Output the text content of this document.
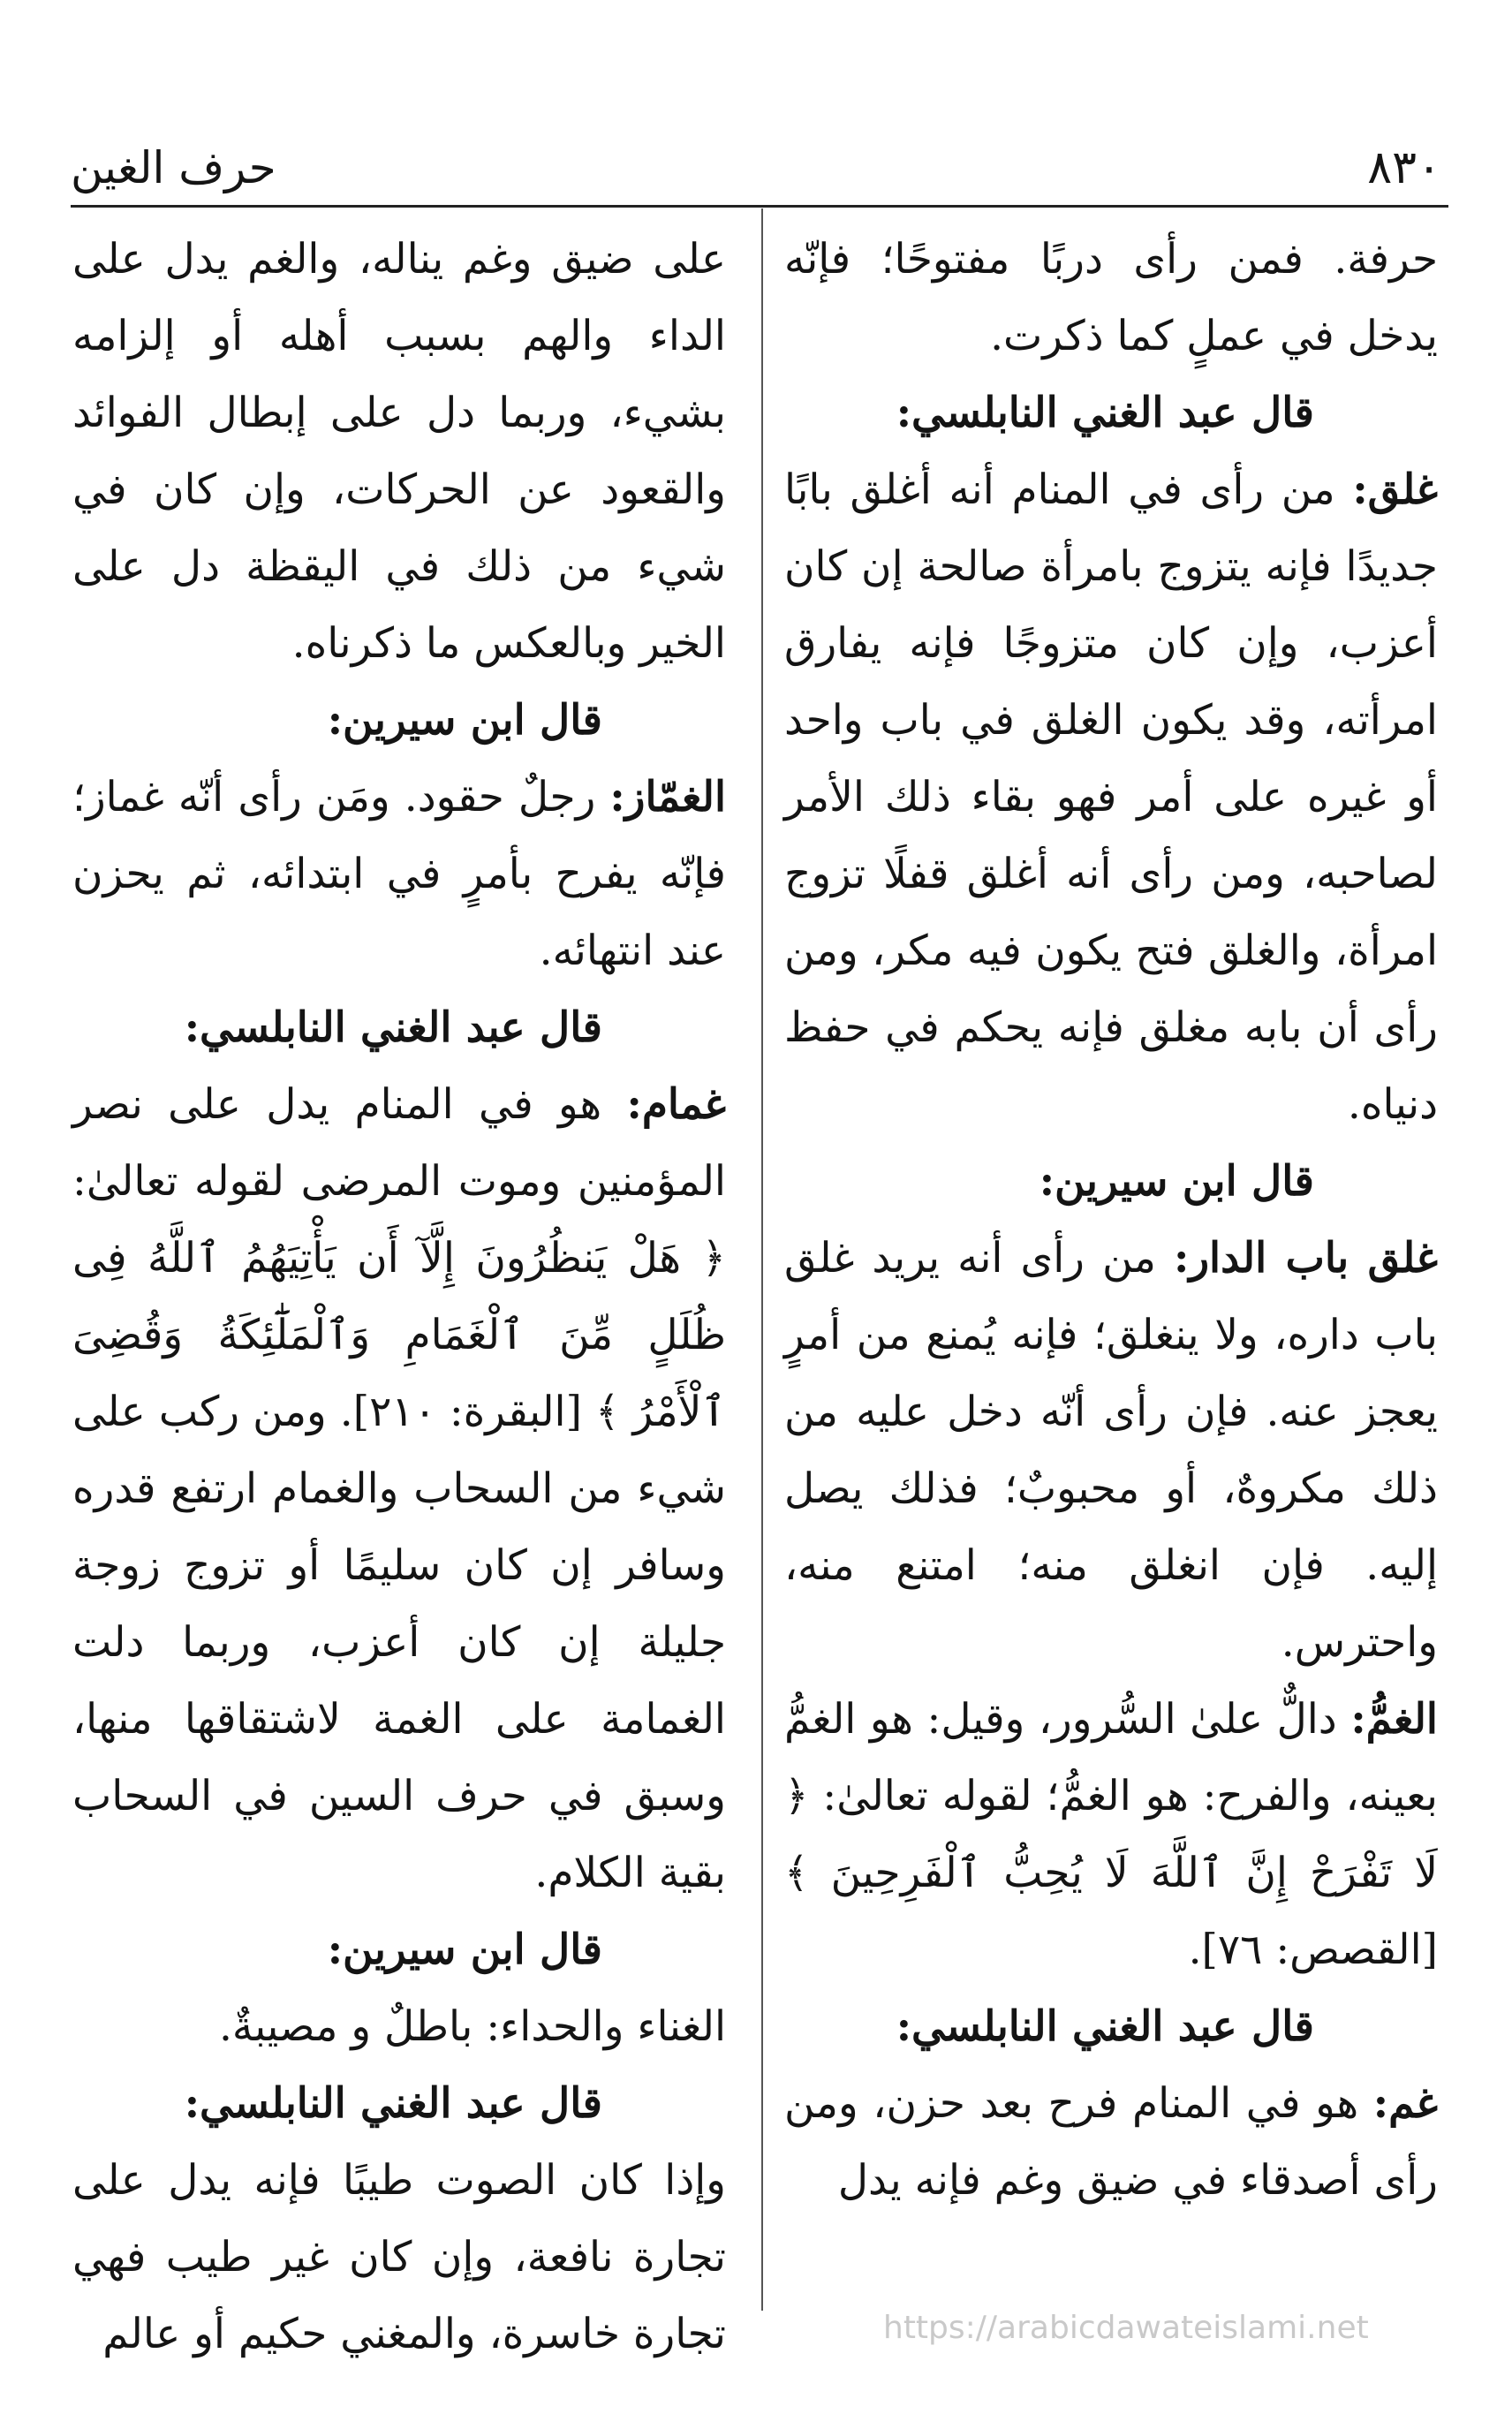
٨٣٠
حرف الغين

حرفة. فمن رأى دربًا مفتوحًا؛ فإنّه يدخل في عملٍ كما ذكرت.

قال عبد الغني النابلسي:

غلق: من رأى في المنام أنه أغلق بابًا جديدًا فإنه يتزوج بامرأة صالحة إن كان أعزب، وإن كان متزوجًا فإنه يفارق امرأته، وقد يكون الغلق في باب واحد أو غيره على أمر فهو بقاء ذلك الأمر لصاحبه، ومن رأى أنه أغلق قفلًا تزوج امرأة، والغلق فتح يكون فيه مكر، ومن رأى أن بابه مغلق فإنه يحكم في حفظ دنياه.

قال ابن سيرين:

غلق باب الدار: من رأى أنه يريد غلق باب داره، ولا ينغلق؛ فإنه يُمنع من أمرٍ يعجز عنه. فإن رأى أنّه دخل عليه من ذلك مكروهٌ، أو محبوبٌ؛ فذلك يصل إليه. فإن انغلق منه؛ امتنع منه، واحترس.

الغمُّ: دالٌّ علىٰ السُّرور، وقيل: هو الغمُّ بعينه، والفرح: هو الغمُّ؛ لقوله تعالىٰ: ﴿ لَا تَفْرَحْ إِنَّ ٱللَّهَ لَا يُحِبُّ ٱلْفَرِحِينَ ﴾ [القصص: ٧٦].

قال عبد الغني النابلسي:

غم: هو في المنام فرح بعد حزن، ومن رأى أصدقاء في ضيق وغم فإنه يدل

على ضيق وغم يناله، والغم يدل على الداء والهم بسبب أهله أو إلزامه بشيء، وربما دل على إبطال الفوائد والقعود عن الحركات، وإن كان في شيء من ذلك في اليقظة دل على الخير وبالعكس ما ذكرناه.

قال ابن سيرين:

الغمّاز: رجلٌ حقود. ومَن رأى أنّه غماز؛ فإنّه يفرح بأمرٍ في ابتدائه، ثم يحزن عند انتهائه.

قال عبد الغني النابلسي:

غمام: هو في المنام يدل على نصر المؤمنين وموت المرضى لقوله تعالىٰ: ﴿ هَلْ يَنظُرُونَ إِلَّآ أَن يَأْتِيَهُمُ ٱللَّهُ فِى ظُلَلٍ مِّنَ ٱلْغَمَامِ وَٱلْمَلَٰٓئِكَةُ وَقُضِىَ ٱلْأَمْرُ ﴾ [البقرة: ٢١٠]. ومن ركب على شيء من السحاب والغمام ارتفع قدره وسافر إن كان سليمًا أو تزوج زوجة جليلة إن كان أعزب، وربما دلت الغمامة على الغمة لاشتقاقها منها، وسبق في حرف السين في السحاب بقية الكلام.

قال ابن سيرين:

الغناء والحداء: باطلٌ و مصيبةٌ.

قال عبد الغني النابلسي:

وإذا كان الصوت طيبًا فإنه يدل على تجارة نافعة، وإن كان غير طيب فهي تجارة خاسرة، والمغني حكيم أو عالم	https://arabicdawateislami.net
